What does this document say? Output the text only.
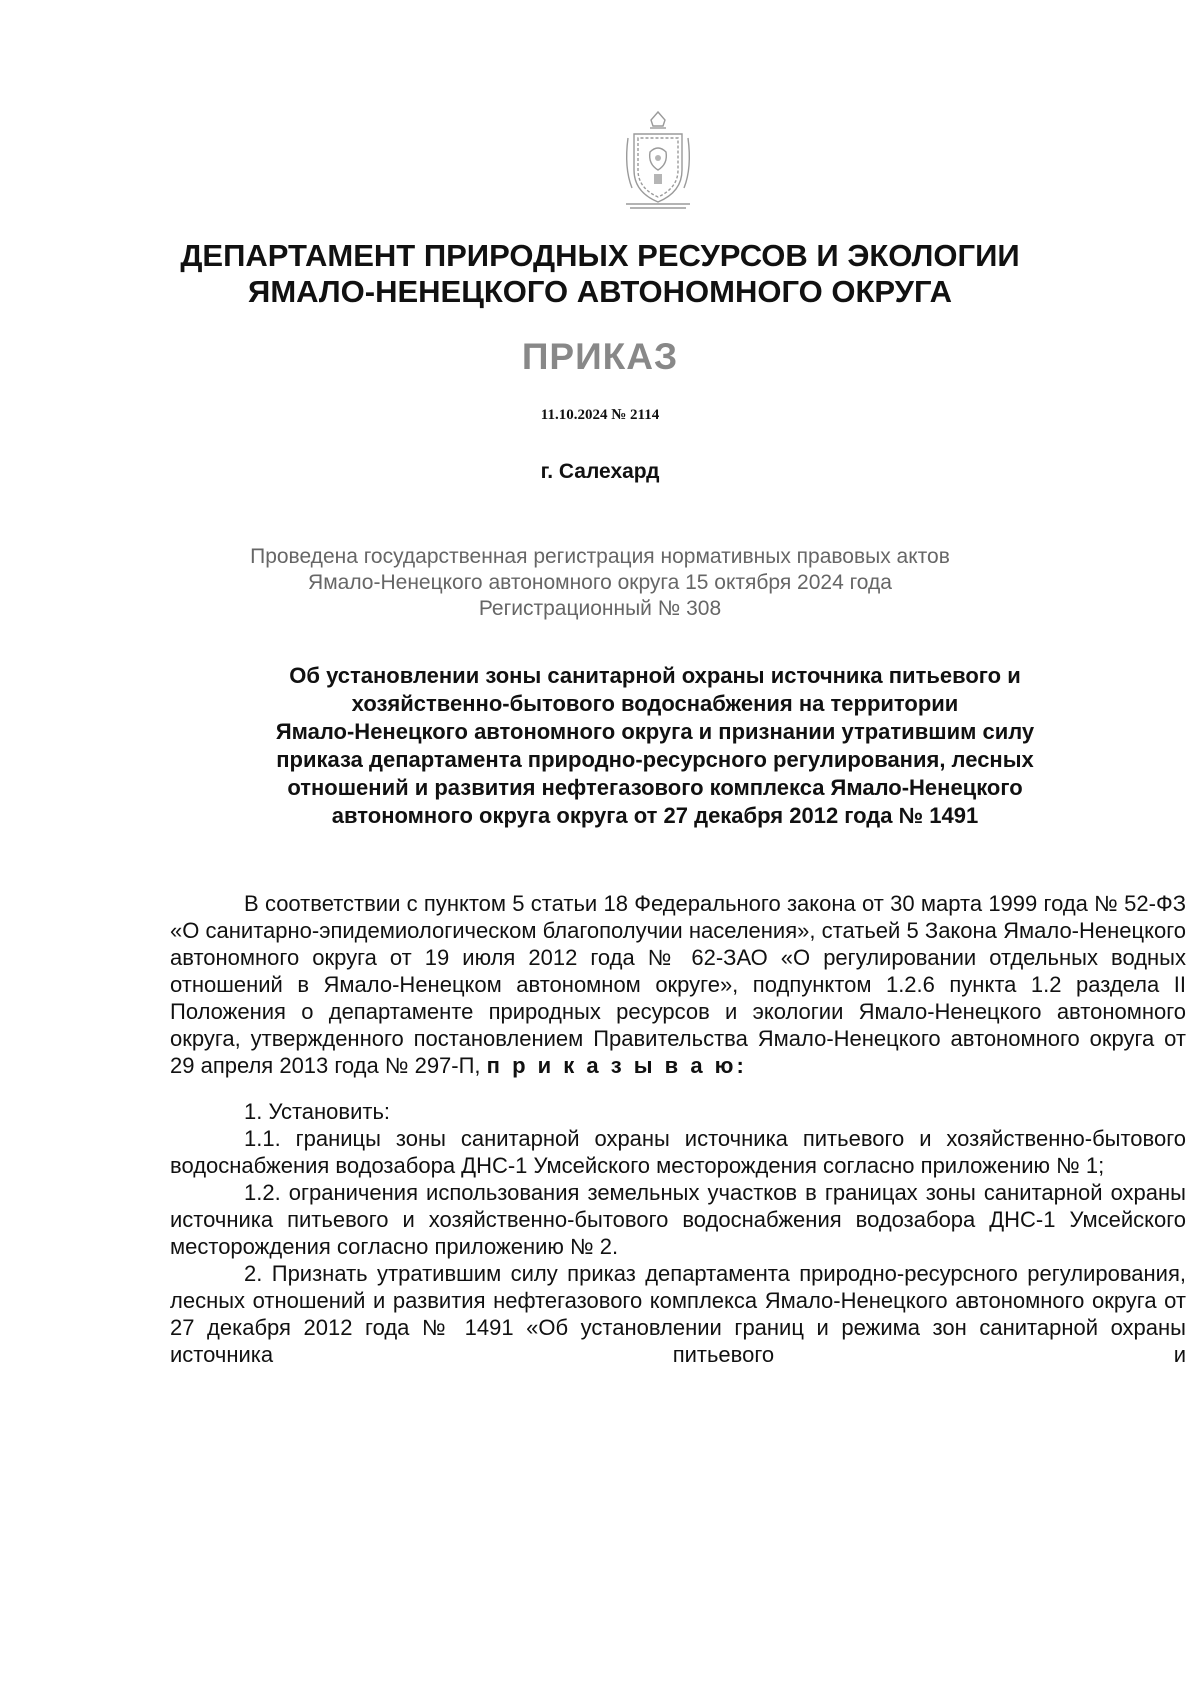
ДЕПАРТАМЕНТ ПРИРОДНЫХ РЕСУРСОВ И ЭКОЛОГИИ
ЯМАЛО-НЕНЕЦКОГО АВТОНОМНОГО ОКРУГА
ПРИКАЗ
11.10.2024 № 2114
г. Салехард
Проведена государственная регистрация нормативных правовых актов
Ямало-Ненецкого автономного округа 15 октября 2024 года
Регистрационный № 308
Об установлении зоны санитарной охраны источника питьевого и
хозяйственно-бытового водоснабжения на территории
Ямало-Ненецкого автономного округа и признании утратившим силу
приказа департамента природно-ресурсного регулирования, лесных
отношений и развития нефтегазового комплекса Ямало-Ненецкого
автономного округа округа от 27 декабря 2012 года № 1491

В соответствии с пунктом 5 статьи 18 Федерального закона от 30 марта 1999 года № 52-ФЗ «О санитарно-эпидемиологическом благополучии населения», статьей 5 Закона Ямало-Ненецкого автономного округа от 19 июля 2012 года № 62-ЗАО «О регулировании отдельных водных отношений в Ямало-Ненецком автономном округе», подпунктом 1.2.6 пункта 1.2 раздела II Положения о департаменте природных ресурсов и экологии Ямало-Ненецкого автономного округа, утвержденного постановлением Правительства Ямало-Ненецкого автономного округа от 29 апреля 2013 года № 297-П, п р и к а з ы в а ю:

1. Установить:

1.1. границы зоны санитарной охраны источника питьевого и хозяйственно-бытового водоснабжения водозабора ДНС-1 Умсейского месторождения согласно приложению № 1;

1.2. ограничения использования земельных участков в границах зоны санитарной охраны источника питьевого и хозяйственно-бытового водоснабжения водозабора ДНС-1 Умсейского месторождения согласно приложению № 2.

2. Признать утратившим силу приказ департамента природно-ресурсного регулирования, лесных отношений и развития нефтегазового комплекса Ямало-Ненецкого автономного округа от 27 декабря 2012 года № 1491 «Об установлении границ и режима зон санитарной охраны источника питьевого и
